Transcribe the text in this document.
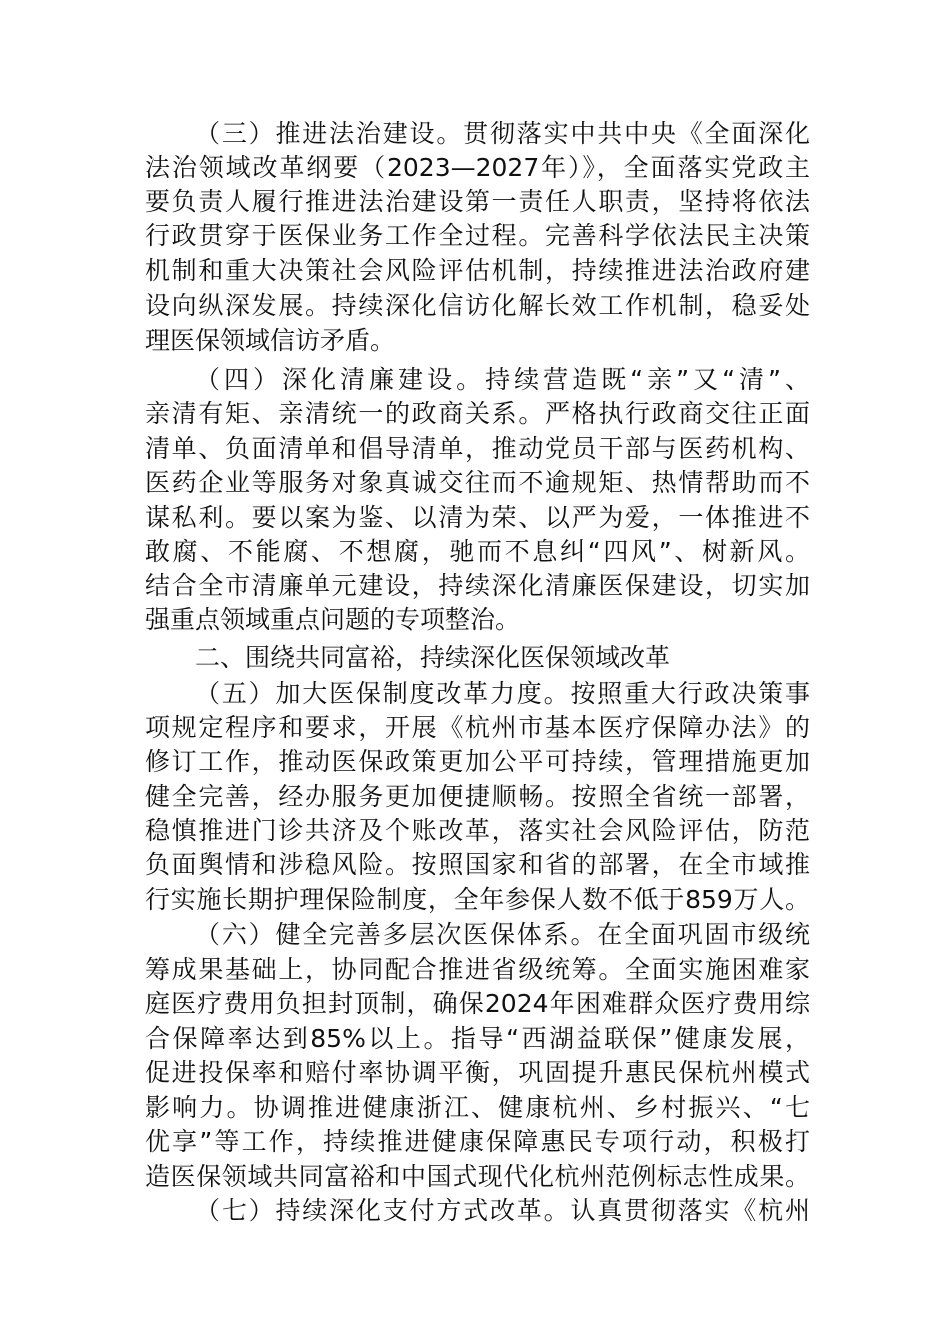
（三）推进法治建设。贯彻落实中共中央《全面深化
法治领域改革纲要（2023—2027年）》，全面落实党政主
要负责人履行推进法治建设第一责任人职责，坚持将依法
行政贯穿于医保业务工作全过程。完善科学依法民主决策
机制和重大决策社会风险评估机制，持续推进法治政府建
设向纵深发展。持续深化信访化解长效工作机制，稳妥处
理医保领域信访矛盾。
（四）深化清廉建设。持续营造既“亲”又“清”、
亲清有矩、亲清统一的政商关系。严格执行政商交往正面
清单、负面清单和倡导清单，推动党员干部与医药机构、
医药企业等服务对象真诚交往而不逾规矩、热情帮助而不
谋私利。要以案为鉴、以清为荣、以严为爱，一体推进不
敢腐、不能腐、不想腐，驰而不息纠“四风”、树新风。
结合全市清廉单元建设，持续深化清廉医保建设，切实加
强重点领域重点问题的专项整治。
二、围绕共同富裕，持续深化医保领域改革
（五）加大医保制度改革力度。按照重大行政决策事
项规定程序和要求，开展《杭州市基本医疗保障办法》的
修订工作，推动医保政策更加公平可持续，管理措施更加
健全完善，经办服务更加便捷顺畅。按照全省统一部署，
稳慎推进门诊共济及个账改革，落实社会风险评估，防范
负面舆情和涉稳风险。按照国家和省的部署，在全市域推
行实施长期护理保险制度，全年参保人数不低于859万人。
（六）健全完善多层次医保体系。在全面巩固市级统
筹成果基础上，协同配合推进省级统筹。全面实施困难家
庭医疗费用负担封顶制，确保2024年困难群众医疗费用综
合保障率达到85%以上。指导“西湖益联保”健康发展，
促进投保率和赔付率协调平衡，巩固提升惠民保杭州模式
影响力。协调推进健康浙江、健康杭州、乡村振兴、“七
优享”等工作，持续推进健康保障惠民专项行动，积极打
造医保领域共同富裕和中国式现代化杭州范例标志性成果。
（七）持续深化支付方式改革。认真贯彻落实《杭州
